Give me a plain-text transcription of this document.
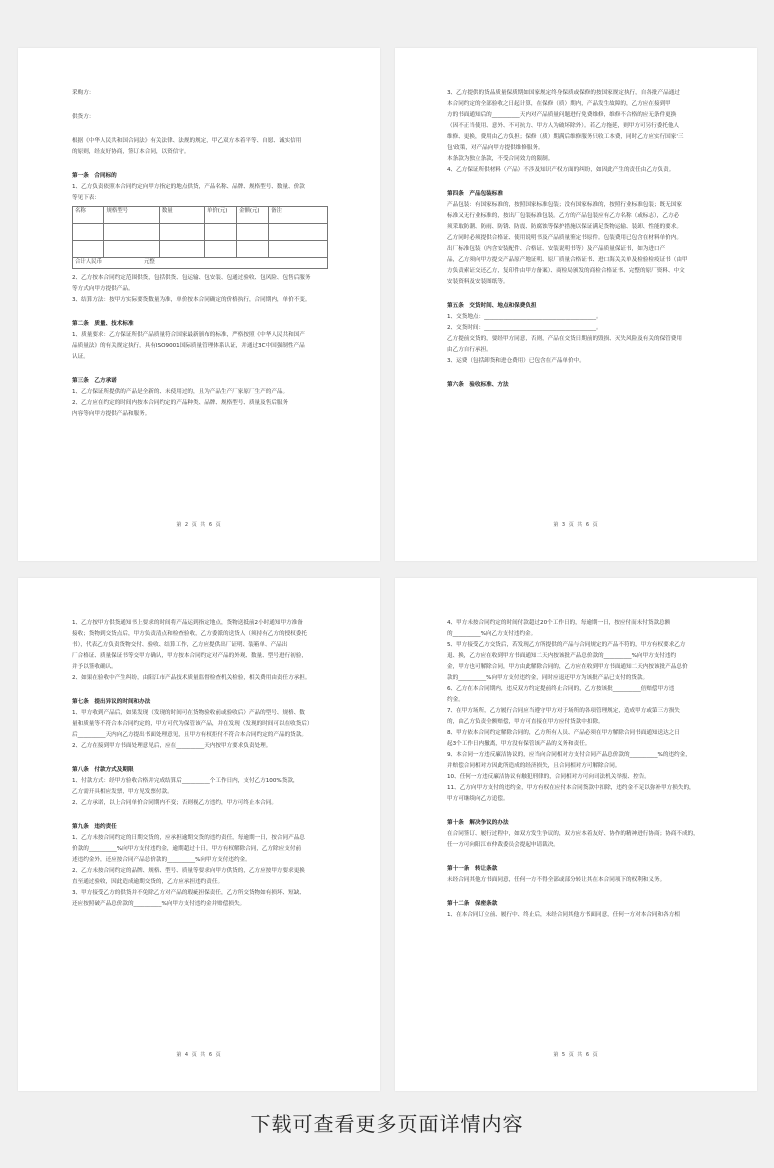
采购方：
供货方：
根据《中华人民共和国合同法》有关法律、法规的规定，甲乙双方本着平等、自愿、诚实信用
的原则，经友好协商，签订本合同，以资信守。
第一条　合同标的
1、乙方负责依照本合同约定向甲方指定的地点供货，产品名称、品牌、规格型号、数量、价款
等见下表：
名称	规格型号	数量	单价(元)	金额(元)	备注

合计人民币 元整					
2、乙方按本合同约定范围供货，包括供货、包运输、包安装、包通过验收、包风险、包售后服务
等方式向甲方提供产品。
3、结算方法：按甲方实际要货数量为准，单价按本合同确定的价格执行，合同期内，单价不变。
第二条　质量、技术标准
1、质量要求：乙方保证所供产品质量符合国家最新颁布的标准，严格按照《中华人民共和国产
品质量法》的有关规定执行，具有ISO9001国际质量管理体系认证，并通过3C中国强制性产品
认证。
第三条　乙方承诺
1、乙方保证所提供的产品是全新的、未使用过的，且为产品生产厂家原厂生产的产品。
2、乙方应在约定的时间内按本合同约定的产品种类、品牌、规格型号、质量及售后服务
内容等向甲方提供产品和服务。
第 2 页 共 6 页
3、乙方提供的货品质量保质期如国家规定终身保质或保修的按国家规定执行，自各批产品通过
本合同约定的全部验收之日起计算，在保修（质）期内，产品发生故障的，乙方应在接到甲
方的书面通知后的__________天内对产品质量问题进行免费维修，维修不合格的应无条件更换
（因不正当使用、意外、不可抗力、甲方人为破坏除外）。若乙方拖延，则甲方可另行委托他人
维修、更换，费用由乙方负担；保修（质）期满后维修服务只收工本费，同时乙方应实行国家'三
包'政策，对产品向甲方提供维修服务。
本条款为独立条款，不受合同效力的限制。
4、乙方保证所供材料（产品）不涉及知识产权方面的纠纷，如因此产生的责任由乙方负责。
第四条　产品包装标准
产品包装：有国家标准的，按照国家标准包装；没有国家标准的，按照行业标准包装；既无国家
标准又无行业标准的，按出厂包装标准包装。乙方的产品包装应有乙方名称（或标志），乙方必
须采取防潮、防雨、防锈、防震、防腐蚀等保护措施以保证满足货物运输、装卸、性能的要求。
乙方同时必须提供合格证、使用说明书及产品质量鉴定书原件。包装费用已包含在材料单价内。
出厂标准包装（内含安装配件、合格证、安装说明书等）及产品质量保证书，如为进口产
品，乙方须向甲方提交产品原产地证明、原厂质量合格证书、进口海关关单及检验检疫证书（由甲
方负责索证交还乙方，复印件由甲方备案）、商检局颁发的商检合格证书、完整的原厂资料、中文
安装资料及安装图纸等。
第五条　交货时间、地点和保费负担
1、交货地点：________________________________________。
2、交货时间：________________________________________。
乙方提前交货的，要经甲方同意，否则，产品在交货日期前的毁损、灭失风险及有关的保管费用
由乙方自行承担。
3、运费（包括卸货和进仓费用）已包含在产品单价中。
第六条　验收标准、方法
第 3 页 共 6 页
1、乙方按甲方供货通知书上要求的时间将产品运到指定地点，货物送抵前2小时通知甲方准备
接收；货物到交货点后，甲方负责清点和检查验收，乙方委派的送货人（须持有乙方的授权委托
书），代表乙方负责货物交付、验收、结算工作，乙方应提供出厂证明、装箱单、产品出
厂合格证、质量保证书等交甲方确认，甲方按本合同约定对产品的外观、数量、型号进行初验，
并予以签收确认。
2、如果在验收中产生纠纷，由阳江市产品技术质量监督检查机关检验，相关费用由责任方承担。
第七条　提出异议的时间和办法
1、甲方收到产品后，如果发现（发现的时间可在货物验收前或验收后）产品的型号、规格、数
量和质量等不符合本合同约定的，甲方可代为保管该产品，并在发现（发现的时间可以在收货后）
后__________天内向乙方提出书面处理意见，且甲方有权拒付不符合本合同约定的产品的货款。
2、乙方在接到甲方书面处理意见后，应在__________天内按甲方要求负责处理。
第八条　付款方式及期限
1、付款方式：经甲方验收合格并完成结算后__________个工作日内，支付乙方100%货款，
乙方需开具相应发票，甲方见发票付款。
2、乙方承诺，以上合同单价合同期内不变；否则视乙方违约，甲方可终止本合同。
第九条　违约责任
1、乙方未按合同约定的日期交货的，应承担逾期交货的违约责任，每逾期一日，按合同产品总
价款的__________%向甲方支付违约金，逾期超过十日，甲方有权解除合同，乙方除应支付前
述违约金外，还应按合同产品总价款的__________%向甲方支付违约金。
2、乙方未按合同约定的品牌、规格、型号、质量等要求向甲方供货的，乙方应按甲方要求更换
直至通过验收，因此造成逾期交货的，乙方应承担违约责任。
3、甲方接受乙方的供货并不免除乙方对产品的瑕疵担保责任，乙方所交货物如有损坏、短缺、
还应按照破产品总价款的__________%向甲方支付违约金并赔偿损失。
第 4 页 共 6 页
4、甲方未按合同约定的时间付款超过20个工作日的，每逾期一日，按应付而未付货款总额
的__________%向乙方支付违约金。
5、甲方接受乙方交货后，若发现乙方所提供的产品与合同规定的产品不符的，甲方有权要求乙方
退、换，乙方应在收到甲方书面通知二天内按该批产品总价款的__________%向甲方支付违约
金，甲方也可解除合同，甲方由此解除合同的，乙方应在收到甲方书面通知二天内按该批产品总价
款的__________%向甲方支付违约金，同时应退还甲方为该批产品已支付的货款。
6、乙方在本合同期内，违反双方约定提前终止合同的，乙方按该批__________倍赔偿甲方违
约金。
7、在甲方场所，乙方履行合同应当遵守甲方对于场所的各项管理规定，造成甲方或第三方损失
的，由乙方负责全额赔偿，甲方可直接在甲方应付货款中扣除。
8、甲方依本合同约定解除合同的，乙方所有人员、产品必须在甲方解除合同书面通知送达之日
起3个工作日内撤离，甲方没有保管该产品的义务和责任。
9、本合同一方违反廉洁协议的，应当向合同相对方支付合同产品总价款的__________%的违约金，
并赔偿合同相对方因此所造成的经济损失，且合同相对方可解除合同。
10、任何一方违反廉洁协议有触犯刑律的，合同相对方可向司法机关举报、控告。
11、乙方向甲方支付的违约金，甲方有权在应付本合同货款中扣除，违约金不足以弥补甲方损失的，
甲方可继续向乙方追偿。
第十条　解决争议的办法
在合同签订、履行过程中，如双方发生争议的，双方应本着友好、协作的精神进行协商；协商不成的，
任一方可向阳江市仲裁委员会提起申请裁决。
第十一条　转让条款
未经合同其他方书面同意，任何一方不得全部或部分转让其在本合同项下的权利和义务。
第十二条　保密条款
1、在本合同订立前、履行中、终止后，未经合同其他方书面同意，任何一方对本合同和各方相
第 5 页 共 6 页
下载可查看更多页面详情内容
